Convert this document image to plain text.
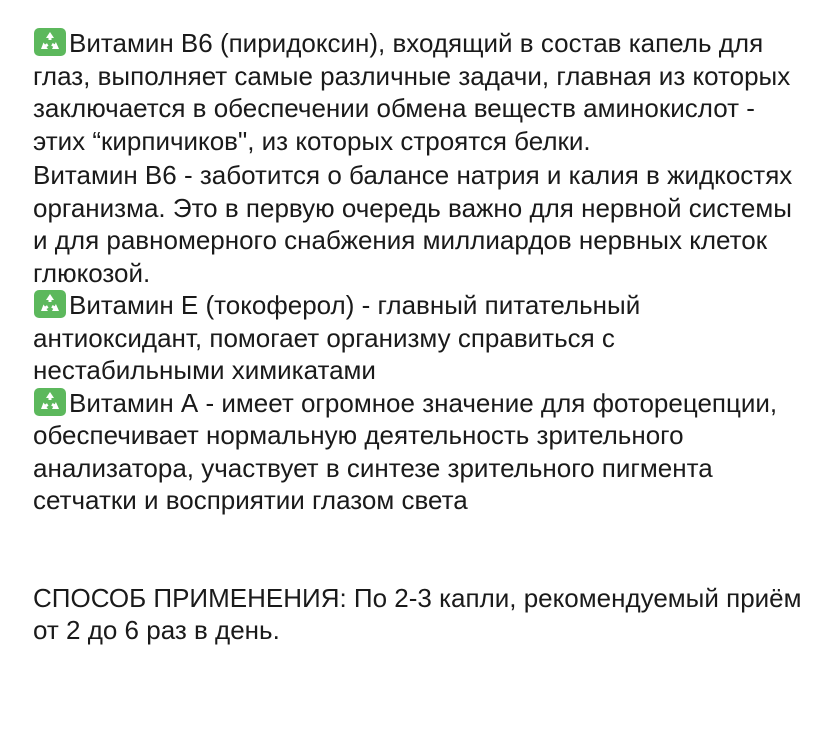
Витамин В6 (пиридоксин), входящий в состав капель для глаз, выполняет самые различные задачи, главная из которых заключается в обеспечении обмена веществ аминокислот - этих “кирпичиков", из которых строятся белки.

Витамин В6 - заботится о балансе натрия и калия в жидкостях организма. Это в первую очередь важно для нервной системы и для равномерного снабжения миллиардов нервных клеток глюкозой.

Витамин Е (токоферол) - главный питательный антиоксидант, помогает организму справиться с нестабильными химикатами

Витамин А - имеет огромное значение для фоторецепции, обеспечивает нормальную деятельность зрительного анализатора, участвует в синтезе зрительного пигмента сетчатки и восприятии глазом света

СПОСОБ ПРИМЕНЕНИЯ: По 2-3 капли, рекомендуемый приём от 2 до 6 раз в день.
